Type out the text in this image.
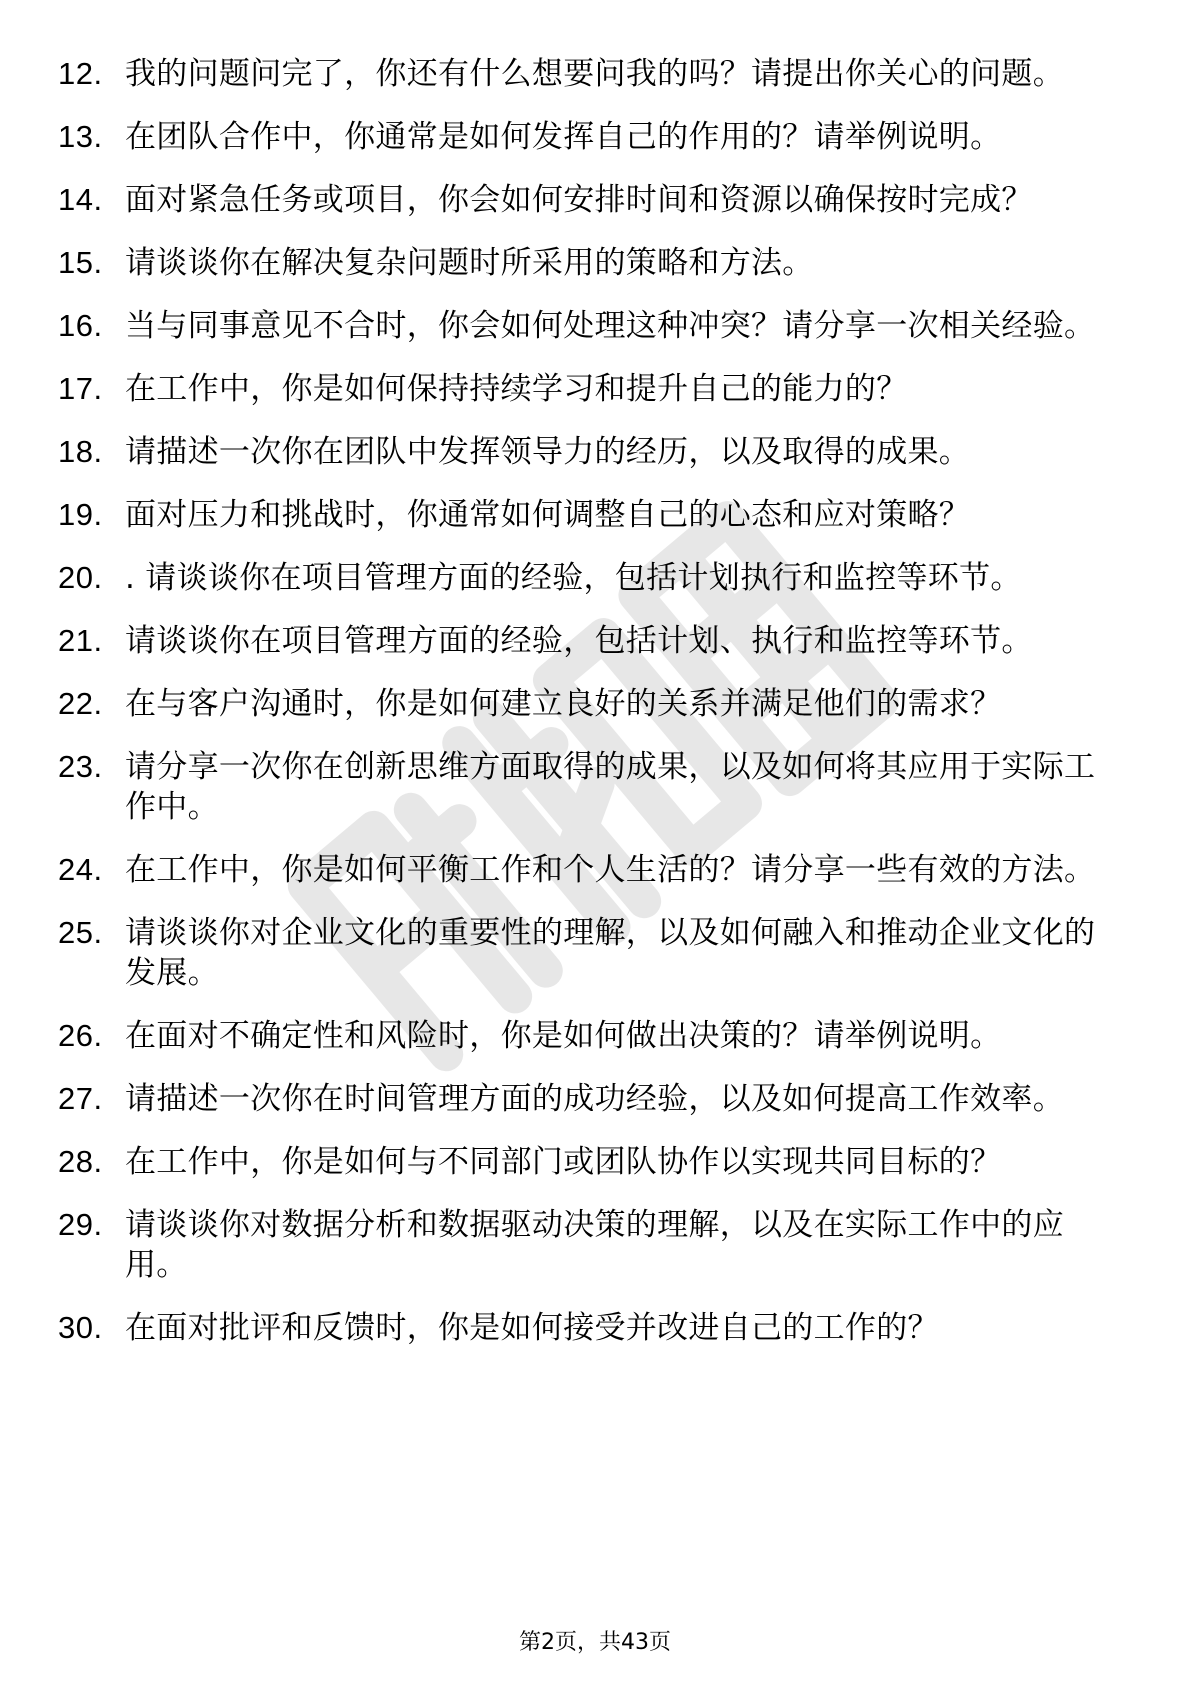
12. 我的问题问完了，你还有什么想要问我的吗？请提出你关心的问题。
13. 在团队合作中，你通常是如何发挥自己的作用的？请举例说明。
14. 面对紧急任务或项目，你会如何安排时间和资源以确保按时完成？
15. 请谈谈你在解决复杂问题时所采用的策略和方法。
16. 当与同事意见不合时，你会如何处理这种冲突？请分享一次相关经验。
17. 在工作中，你是如何保持持续学习和提升自己的能力的？
18. 请描述一次你在团队中发挥领导力的经历，以及取得的成果。
19. 面对压力和挑战时，你通常如何调整自己的心态和应对策略？
20. . 请谈谈你在项目管理方面的经验，包括计划执行和监控等环节。
21. 请谈谈你在项目管理方面的经验，包括计划、执行和监控等环节。
22. 在与客户沟通时，你是如何建立良好的关系并满足他们的需求？
23. 请分享一次你在创新思维方面取得的成果，以及如何将其应用于实际工作中。
24. 在工作中，你是如何平衡工作和个人生活的？请分享一些有效的方法。
25. 请谈谈你对企业文化的重要性的理解，以及如何融入和推动企业文化的发展。
26. 在面对不确定性和风险时，你是如何做出决策的？请举例说明。
27. 请描述一次你在时间管理方面的成功经验，以及如何提高工作效率。
28. 在工作中，你是如何与不同部门或团队协作以实现共同目标的？
29. 请谈谈你对数据分析和数据驱动决策的理解，以及在实际工作中的应用。
30. 在面对批评和反馈时，你是如何接受并改进自己的工作的？
第2页，共43页
